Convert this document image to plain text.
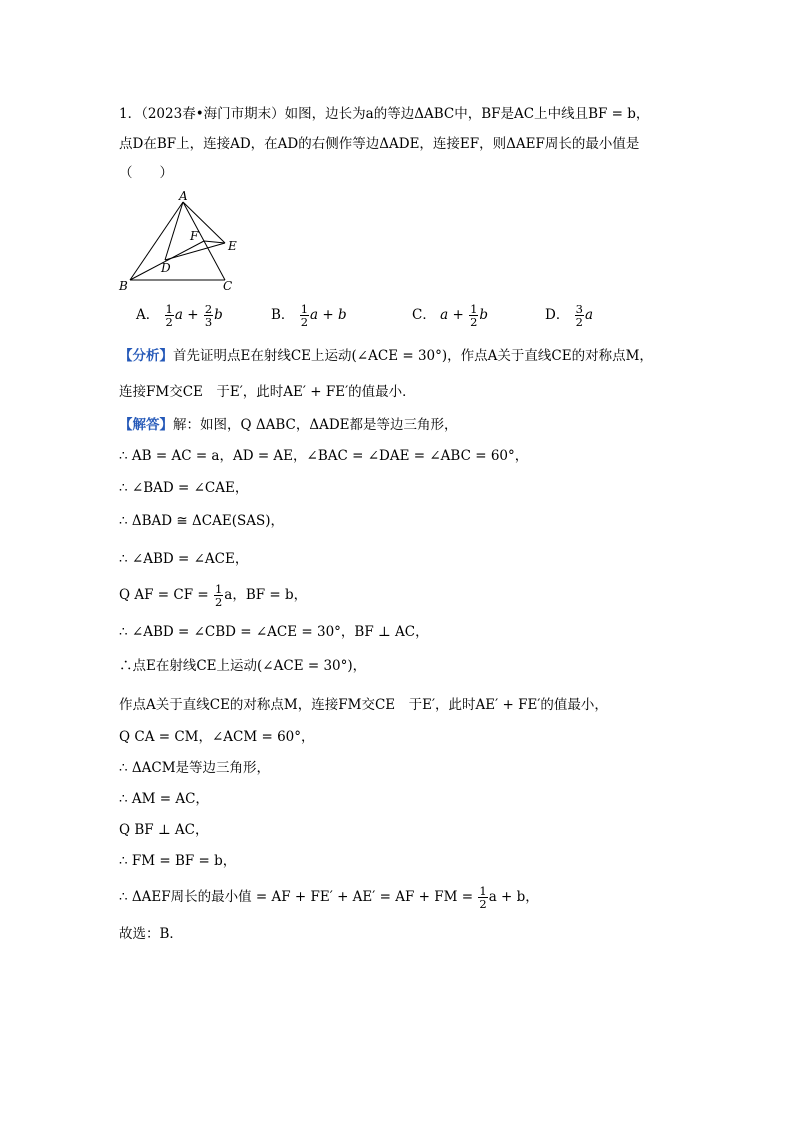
1．（2023春•海门市期末）如图，边长为a的等边ΔABC中，BF是AC上中线且BF = b，
点D在BF上，连接AD，在AD的右侧作等边ΔADE，连接EF，则ΔAEF周长的最小值是
（　　）
A
B	C
D
E
F
A． $\frac{1}{2}$ $a + \frac{2}{3}$ b	B． $\frac{1}{2}$ a + b	C． $a + \frac{1}{2}$ b	D． $\frac{3}{2}$ a
【分析】首先证明点E在射线CE上运动(∠ACE = 30°)，作点A关于直线CE的对称点M，
连接FM交CE　于E′，此时AE′ + FE′的值最小．
【解答】解：如图，Q ΔABC，ΔADE都是等边三角形，
∴ AB = AC = a，AD = AE，∠BAC = ∠DAE = ∠ABC = 60°，
∴ ∠BAD = ∠CAE，
∴ ΔBAD ≅ ΔCAE(SAS)，
∴ ∠ABD = ∠ACE，
Q AF = CF = $\frac{1}{2}$ a，BF = b，
∴ ∠ABD = ∠CBD = ∠ACE = 30°，BF ⊥ AC，
∴点E在射线CE上运动(∠ACE = 30°)，
作点A关于直线CE的对称点M，连接FM交CE　于E′，此时AE′ + FE′的值最小，
Q CA = CM，∠ACM = 60°，
∴ ΔACM是等边三角形，
∴ AM = AC，
Q BF ⊥ AC，
∴ FM = BF = b，
∴ ΔAEF周长的最小值 = AF + FE′ + AE′ = AF + FM = $\frac{1}{2}$ a + b，
故选：B．
